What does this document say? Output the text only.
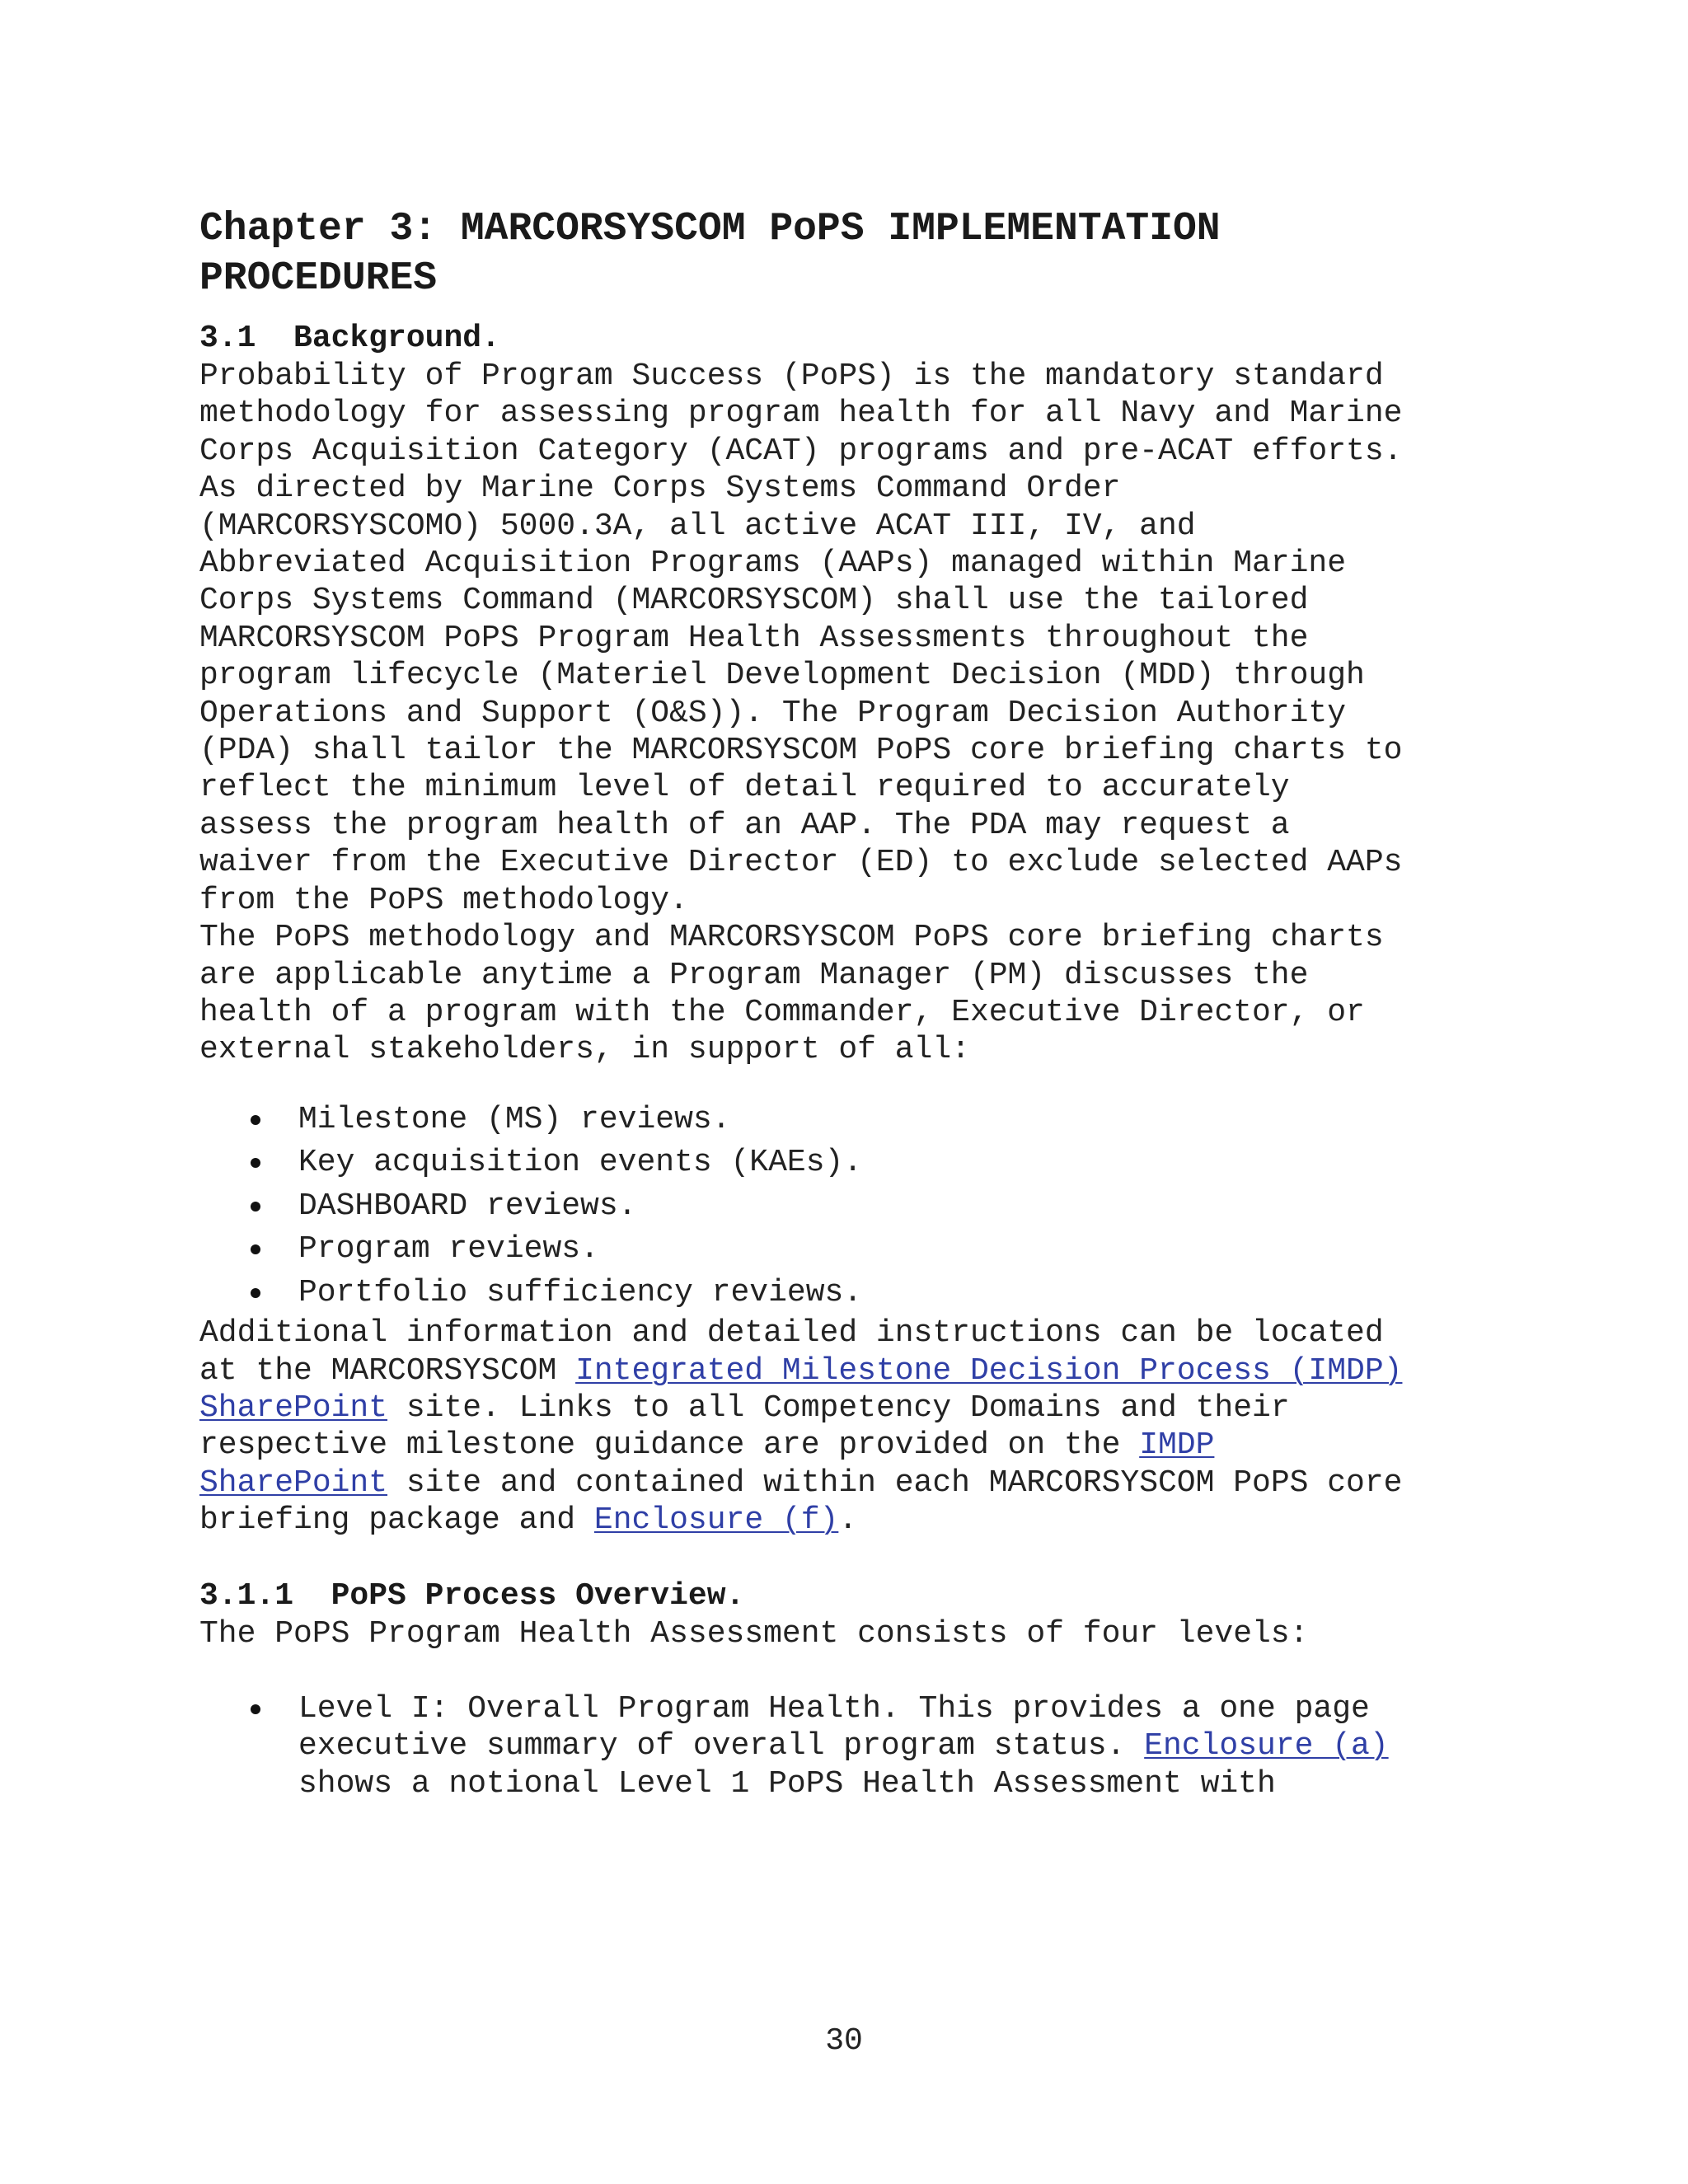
Chapter 3: MARCORSYSCOM PoPS IMPLEMENTATION
PROCEDURES
3.1  Background.

Probability of Program Success (PoPS) is the mandatory standard
methodology for assessing program health for all Navy and Marine
Corps Acquisition Category (ACAT) programs and pre-ACAT efforts.

As directed by Marine Corps Systems Command Order
(MARCORSYSCOMO) 5000.3A, all active ACAT III, IV, and
Abbreviated Acquisition Programs (AAPs) managed within Marine
Corps Systems Command (MARCORSYSCOM) shall use the tailored
MARCORSYSCOM PoPS Program Health Assessments throughout the
program lifecycle (Materiel Development Decision (MDD) through
Operations and Support (O&S)). The Program Decision Authority
(PDA) shall tailor the MARCORSYSCOM PoPS core briefing charts to
reflect the minimum level of detail required to accurately
assess the program health of an AAP. The PDA may request a
waiver from the Executive Director (ED) to exclude selected AAPs
from the PoPS methodology.

The PoPS methodology and MARCORSYSCOM PoPS core briefing charts
are applicable anytime a Program Manager (PM) discusses the
health of a program with the Commander, Executive Director, or
external stakeholders, in support of all:

Milestone (MS) reviews.
Key acquisition events (KAEs).
DASHBOARD reviews.
Program reviews.
Portfolio sufficiency reviews.

Additional information and detailed instructions can be located
at the MARCORSYSCOM Integrated Milestone Decision Process (IMDP)
SharePoint site. Links to all Competency Domains and their
respective milestone guidance are provided on the IMDP
SharePoint site and contained within each MARCORSYSCOM PoPS core
briefing package and Enclosure (f).

3.1.1  PoPS Process Overview.

The PoPS Program Health Assessment consists of four levels:

Level I: Overall Program Health. This provides a one page
executive summary of overall program status. Enclosure (a)
shows a notional Level 1 PoPS Health Assessment with
30
